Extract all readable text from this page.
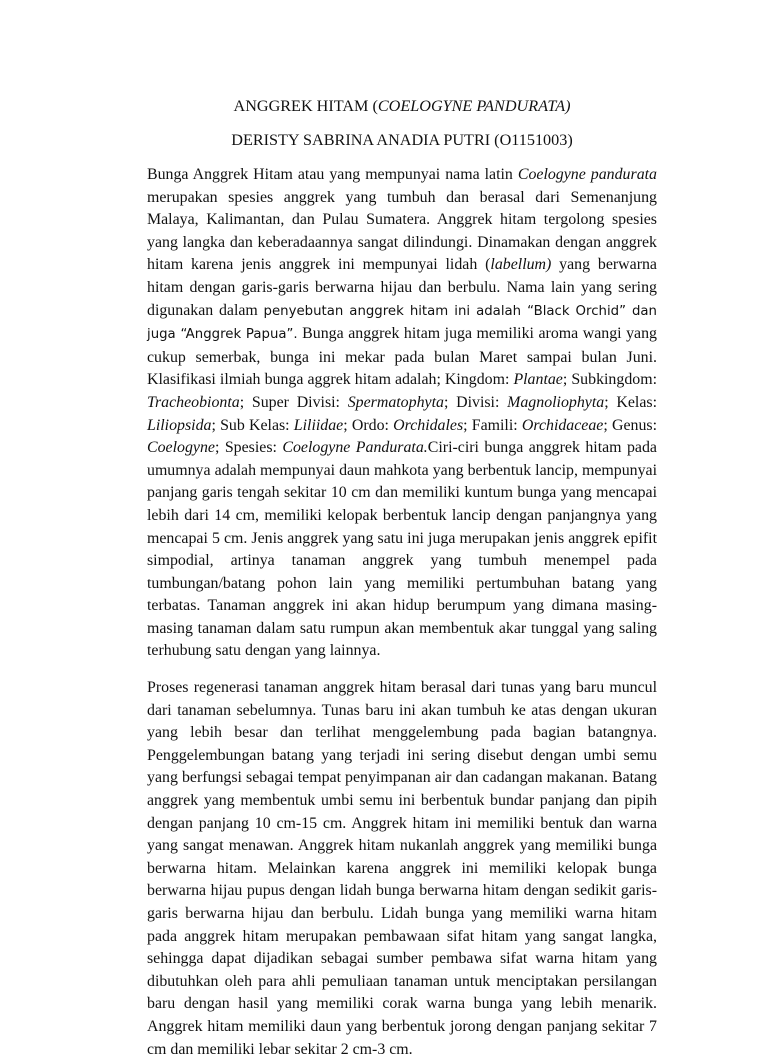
ANGGREK HITAM (COELOGYNE PANDURATA)
DERISTY SABRINA ANADIA PUTRI (O1151003)

Bunga Anggrek Hitam atau yang mempunyai nama latin Coelogyne pandurata merupakan spesies anggrek yang tumbuh dan berasal dari Semenanjung Malaya, Kalimantan, dan Pulau Sumatera. Anggrek hitam tergolong spesies yang langka dan keberadaannya sangat dilindungi. Dinamakan dengan anggrek hitam karena jenis anggrek ini mempunyai lidah (labellum) yang berwarna hitam dengan garis-garis berwarna hijau dan berbulu. Nama lain yang sering digunakan dalam penyebutan anggrek hitam ini adalah “Black Orchid” dan juga “Anggrek Papua”. Bunga anggrek hitam juga memiliki aroma wangi yang cukup semerbak, bunga ini mekar pada bulan Maret sampai bulan Juni. Klasifikasi ilmiah bunga aggrek hitam adalah; Kingdom: Plantae; Subkingdom: Tracheobionta; Super Divisi: Spermatophyta; Divisi: Magnoliophyta; Kelas: Liliopsida; Sub Kelas: Liliidae; Ordo: Orchidales; Famili: Orchidaceae; Genus: Coelogyne; Spesies: Coelogyne Pandurata.Ciri-ciri bunga anggrek hitam pada umumnya adalah mempunyai daun mahkota yang berbentuk lancip, mempunyai panjang garis tengah sekitar 10 cm dan memiliki kuntum bunga yang mencapai lebih dari 14 cm, memiliki kelopak berbentuk lancip dengan panjangnya yang mencapai 5 cm. Jenis anggrek yang satu ini juga merupakan jenis anggrek epifit simpodial, artinya tanaman anggrek yang tumbuh menempel pada tumbungan/batang pohon lain yang memiliki pertumbuhan batang yang terbatas. Tanaman anggrek ini akan hidup berumpum yang dimana masing-masing tanaman dalam satu rumpun akan membentuk akar tunggal yang saling terhubung satu dengan yang lainnya.

Proses regenerasi tanaman anggrek hitam berasal dari tunas yang baru muncul dari tanaman sebelumnya. Tunas baru ini akan tumbuh ke atas dengan ukuran yang lebih besar dan terlihat menggelembung pada bagian batangnya. Penggelembungan batang yang terjadi ini sering disebut dengan umbi semu yang berfungsi sebagai tempat penyimpanan air dan cadangan makanan. Batang anggrek yang membentuk umbi semu ini berbentuk bundar panjang dan pipih dengan panjang 10 cm-15 cm. Anggrek hitam ini memiliki bentuk dan warna yang sangat menawan. Anggrek hitam nukanlah anggrek yang memiliki bunga berwarna hitam. Melainkan karena anggrek ini memiliki kelopak bunga berwarna hijau pupus dengan lidah bunga berwarna hitam dengan sedikit garis-garis berwarna hijau dan berbulu. Lidah bunga yang memiliki warna hitam pada anggrek hitam merupakan pembawaan sifat hitam yang sangat langka, sehingga dapat dijadikan sebagai sumber pembawa sifat warna hitam yang dibutuhkan oleh para ahli pemuliaan tanaman untuk menciptakan persilangan baru dengan hasil yang memiliki corak warna bunga yang lebih menarik. Anggrek hitam memiliki daun yang berbentuk jorong dengan panjang sekitar 7 cm dan memiliki lebar sekitar 2 cm-3 cm.
